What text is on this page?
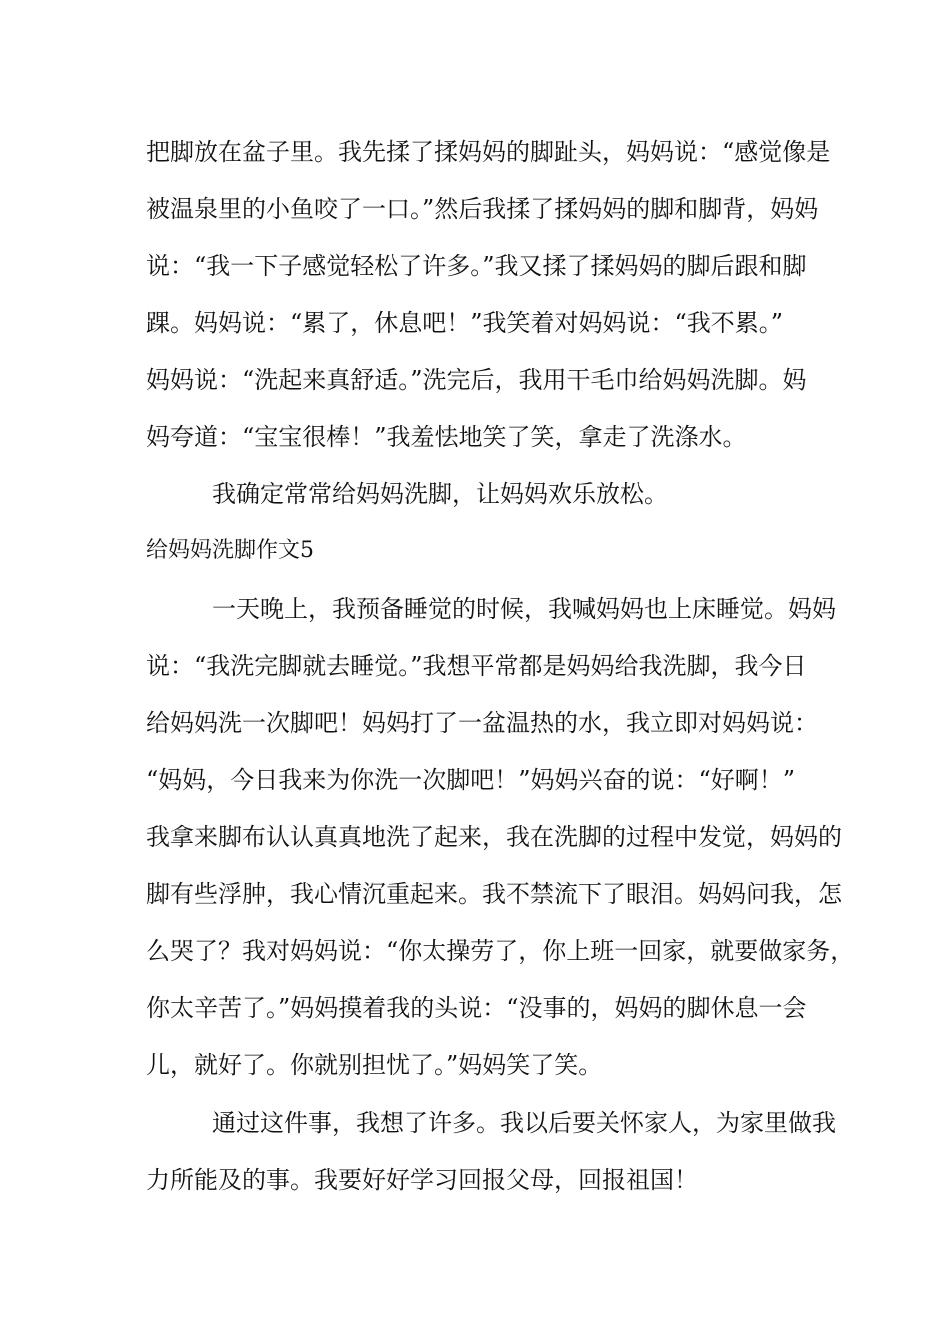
把脚放在盆子里。我先揉了揉妈妈的脚趾头，妈妈说：“感觉像是
被温泉里的小鱼咬了一口。”然后我揉了揉妈妈的脚和脚背，妈妈
说：“我一下子感觉轻松了许多。”我又揉了揉妈妈的脚后跟和脚
踝。妈妈说：“累了，休息吧！”我笑着对妈妈说：“我不累。”
妈妈说：“洗起来真舒适。”洗完后，我用干毛巾给妈妈洗脚。妈
妈夸道：“宝宝很棒！”我羞怯地笑了笑，拿走了洗涤水。
我确定常常给妈妈洗脚，让妈妈欢乐放松。
给妈妈洗脚作文5
一天晚上，我预备睡觉的时候，我喊妈妈也上床睡觉。妈妈
说：“我洗完脚就去睡觉。”我想平常都是妈妈给我洗脚，我今日
给妈妈洗一次脚吧！妈妈打了一盆温热的水，我立即对妈妈说：
“妈妈，今日我来为你洗一次脚吧！”妈妈兴奋的说：“好啊！”
我拿来脚布认认真真地洗了起来，我在洗脚的过程中发觉，妈妈的
脚有些浮肿，我心情沉重起来。我不禁流下了眼泪。妈妈问我，怎
么哭了？我对妈妈说：“你太操劳了，你上班一回家，就要做家务，
你太辛苦了。”妈妈摸着我的头说：“没事的，妈妈的脚休息一会
儿，就好了。你就别担忧了。”妈妈笑了笑。
通过这件事，我想了许多。我以后要关怀家人，为家里做我
力所能及的事。我要好好学习回报父母，回报祖国！
